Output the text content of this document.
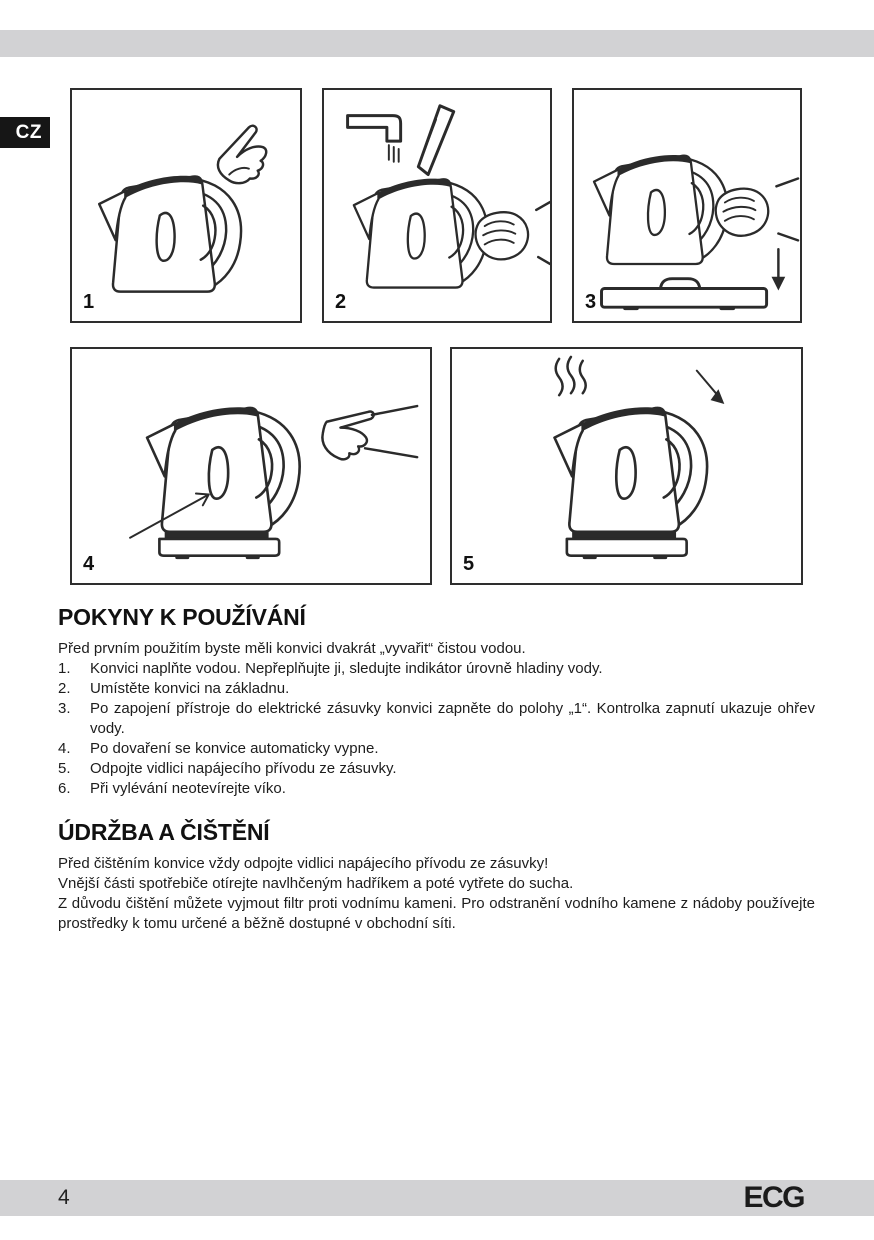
CZ
1	2	3
4	5
POKYNY K POUŽÍVÁNÍ

Před prvním použitím byste měli konvici dvakrát „vyvařit“ čistou vodou.

1.	Konvici naplňte vodou. Nepřeplňujte ji, sledujte indikátor úrovně hladiny vody.
2.	Umístěte konvici na základnu.
3.	Po zapojení přístroje do elektrické zásuvky konvici zapněte do polohy „1“. Kontrolka zapnutí ukazuje ohřev vody.
4.	Po dovaření se konvice automaticky vypne.
5.	Odpojte vidlici napájecího přívodu ze zásuvky.
6.	Při vylévání neotevírejte víko.
ÚDRŽBA A ČIŠTĚNÍ

Před čištěním konvice vždy odpojte vidlici napájecího přívodu ze zásuvky!

Vnější části spotřebiče otírejte navlhčeným hadříkem a poté vytřete do sucha.

Z důvodu čištění můžete vyjmout filtr proti vodnímu kameni. Pro odstranění vodního kamene z nádoby používejte prostředky k tomu určené a běžně dostupné v obchodní síti.

4	ECG
